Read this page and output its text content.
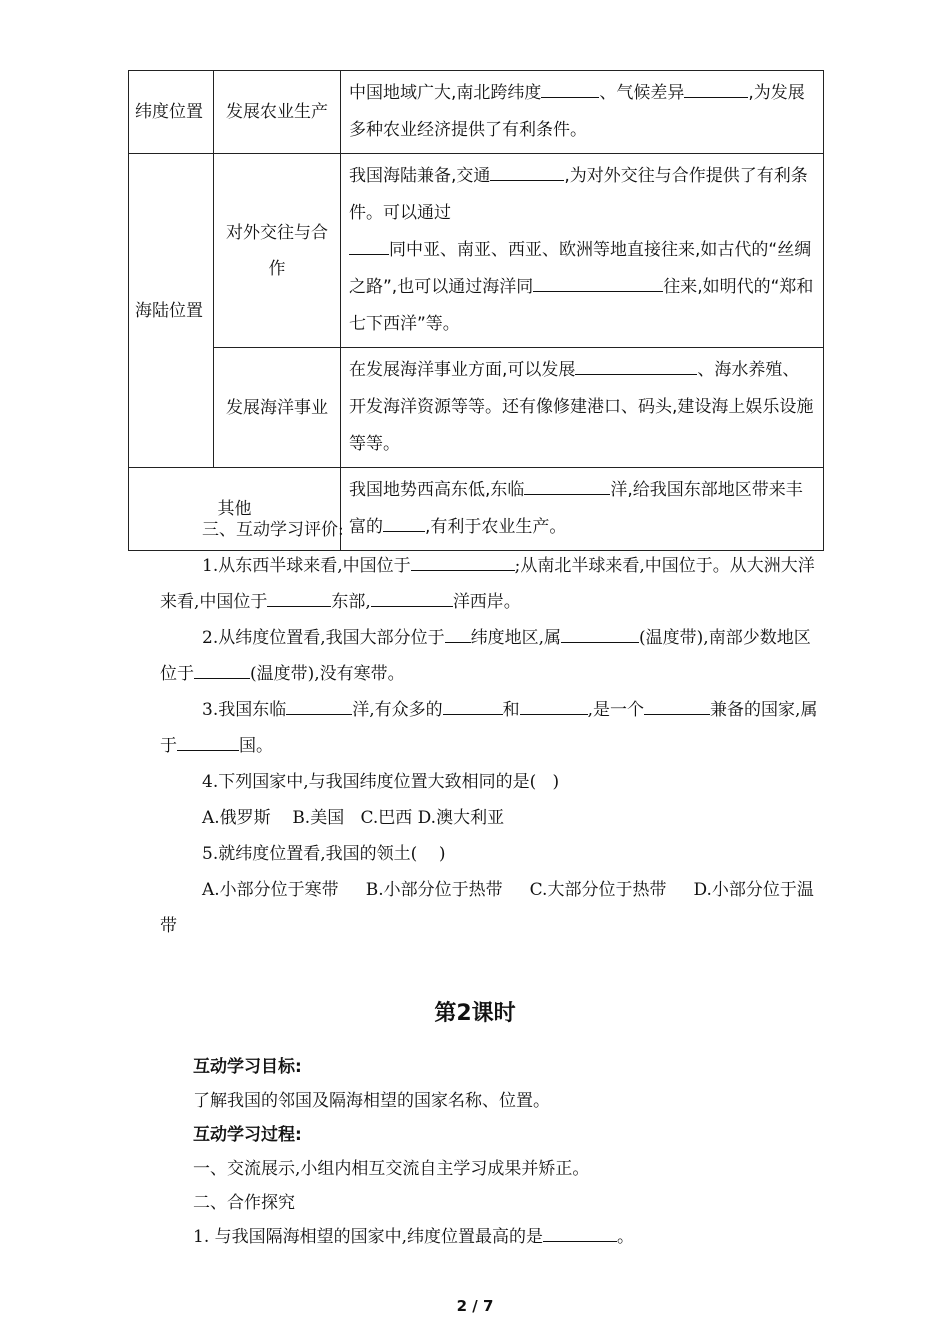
纬度位置	发展农业生产	中国地域广大,南北跨纬度 、气候差异 ,为发展多种农业经济提供了有利条件。
海陆位置	对外交往与合作	我国海陆兼备,交通 ,为对外交往与合作提供了有利条件。可以通过
同中亚、南亚、西亚、欧洲等地直接往来,如古代的“丝绸之路”,也可以通过海洋同 往来,如明代的“郑和七下西洋”等。
	发展海洋事业	在发展海洋事业方面,可以发展 、海水养殖、开发海洋资源等等。还有像修建港口、码头,建设海上娱乐设施等等。
其他		我国地势西高东低,东临 洋,给我国东部地区带来丰富的 ,有利于农业生产。

三、互动学习评价:

1.从东西半球来看,中国位于	;从南北半球来看,中国位于。从大洲大洋来看,中国位于	东部,	洋西岸。

2.从纬度位置看,我国大部分位于 纬度地区,属	(温度带),南部少数地区位于	(温度带),没有寒带。

3.我国东临	洋,有众多的	和	,是一个	兼备的国家,属于	国。

4.下列国家中,与我国纬度位置大致相同的是(   )

A.俄罗斯 B.美国 C.巴西 D.澳大利亚

5.就纬度位置看,我国的领土(    )

A.小部分位于寒带 B.小部分位于热带 C.大部分位于热带 D.小部分位于温带

第2课时

互动学习目标:

了解我国的邻国及隔海相望的国家名称、位置。

互动学习过程:

一、交流展示,小组内相互交流自主学习成果并矫正。

二、合作探究

1. 与我国隔海相望的国家中,纬度位置最高的是	。

2 / 7
